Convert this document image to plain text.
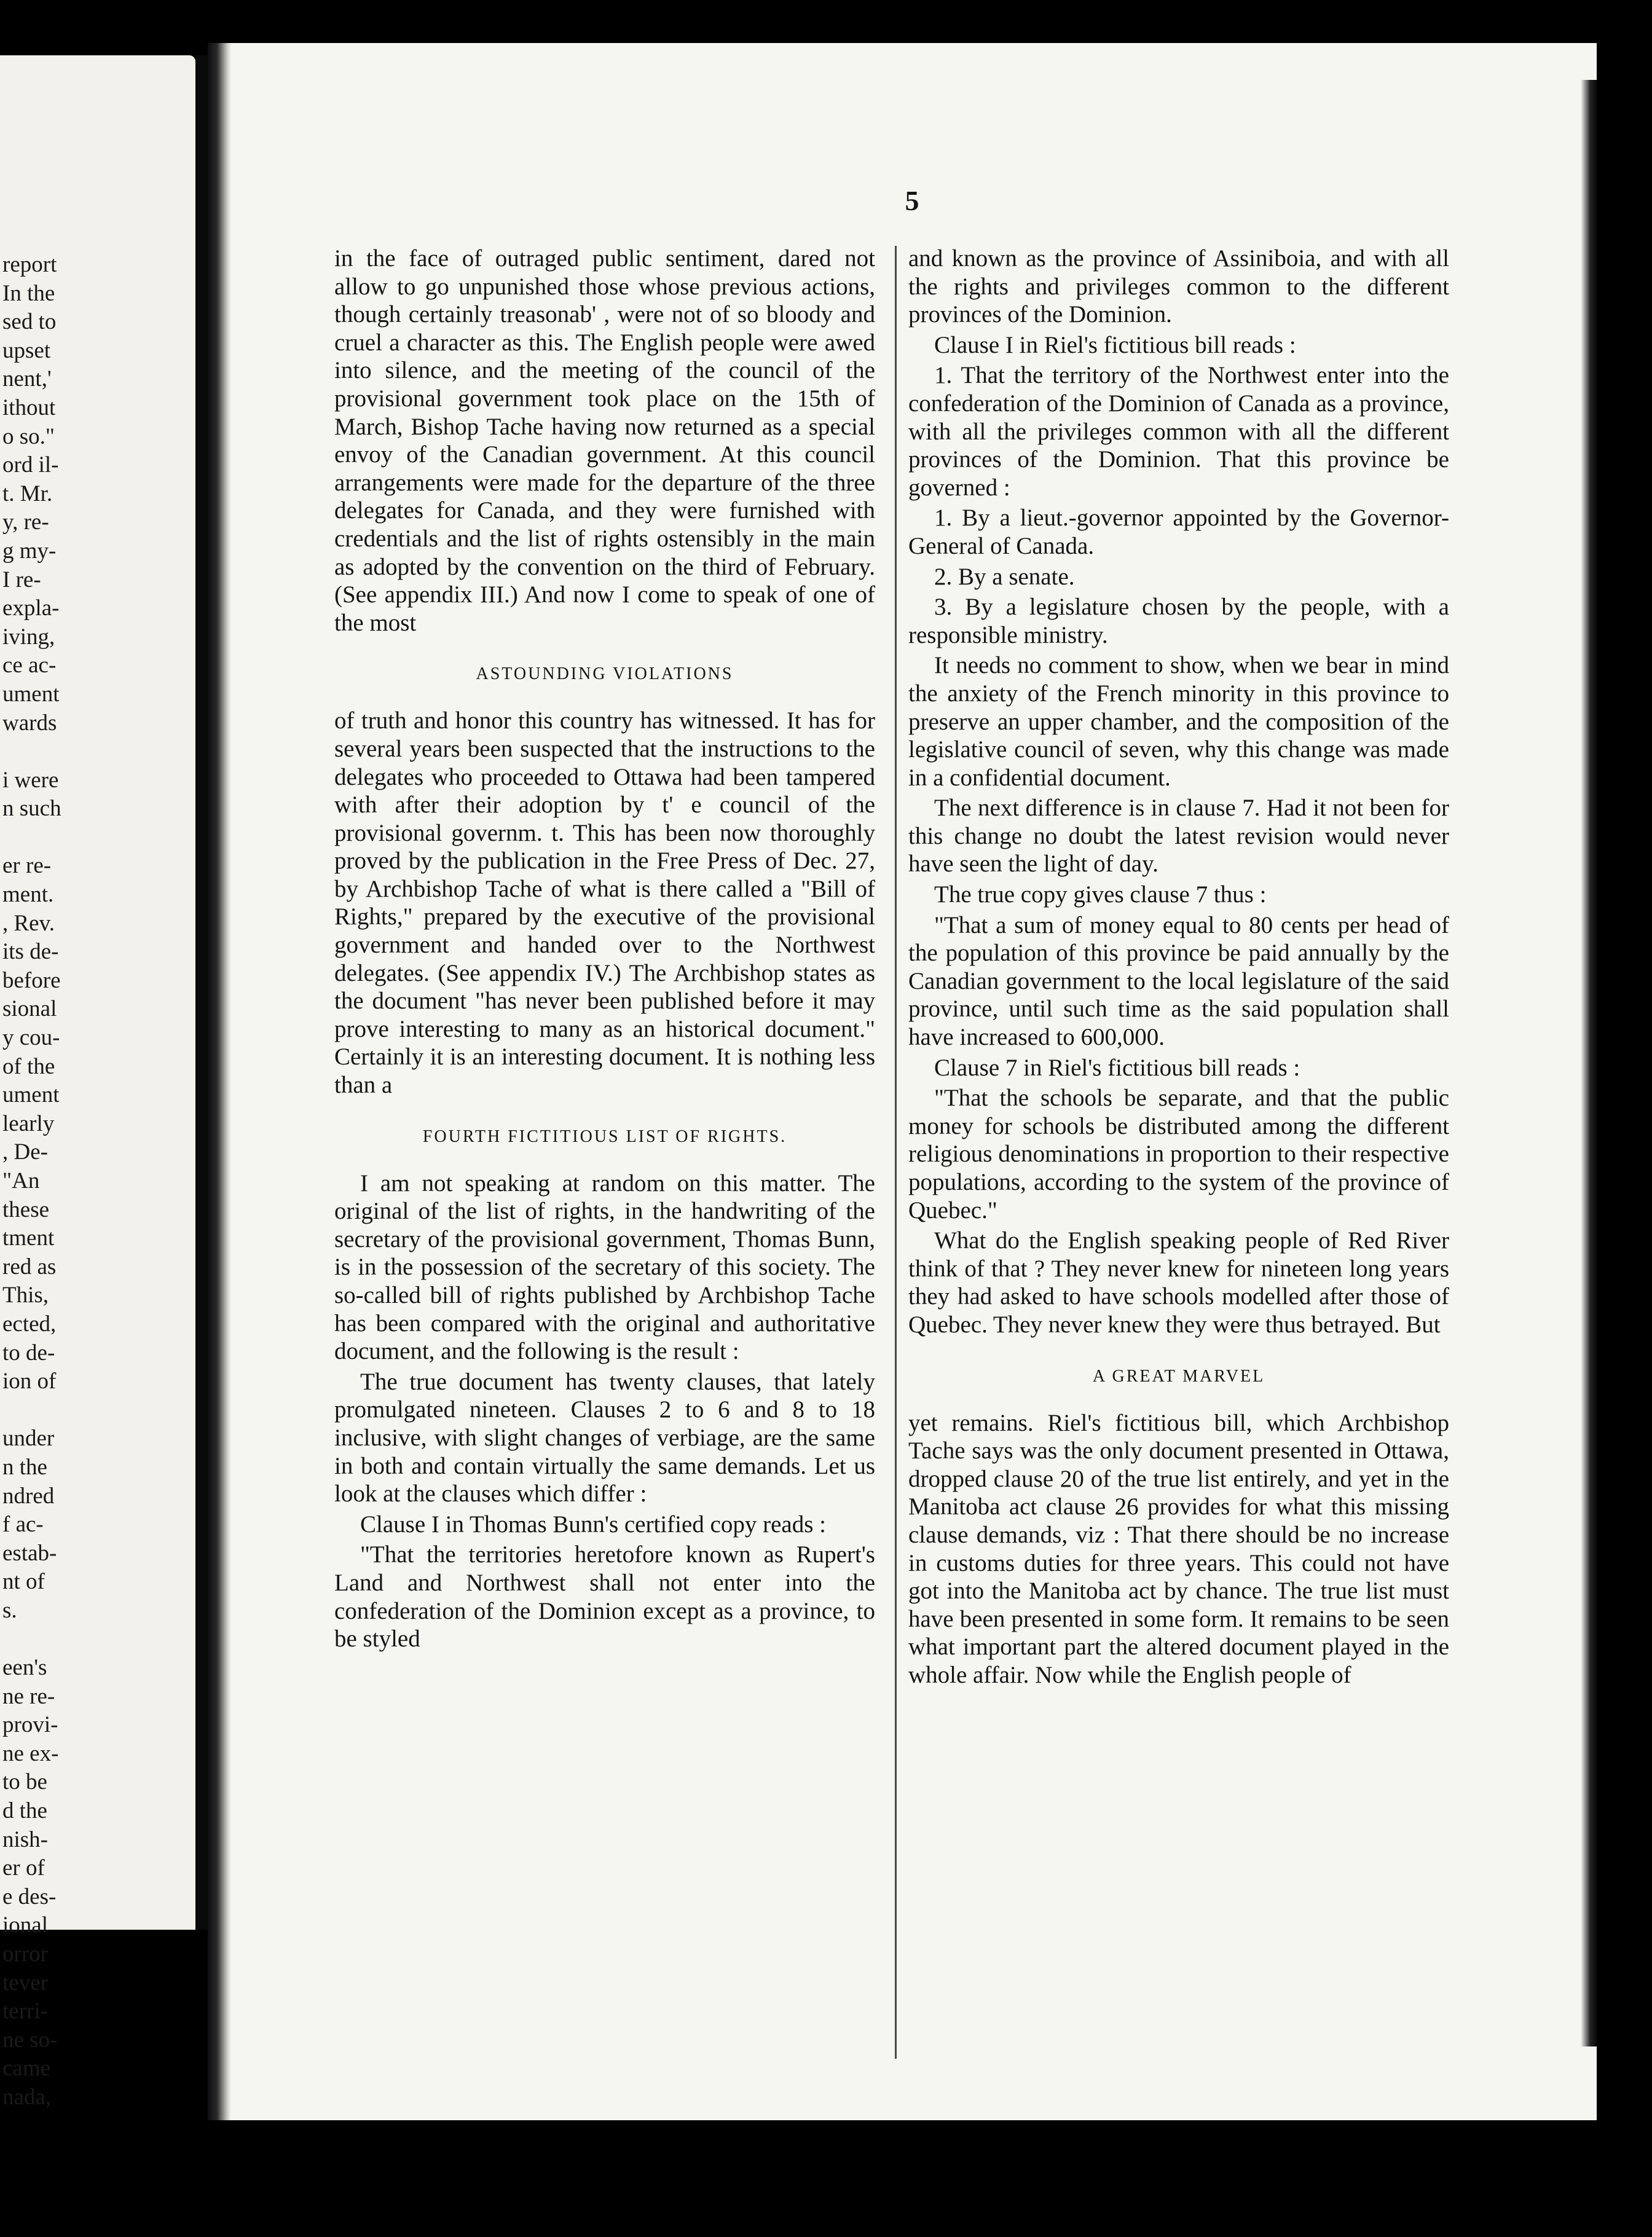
report
In the
sed to
upset
nent,'
ithout
o so."
ord il-
t. Mr.
y, re-
g my-
I re-
expla-
iving,
ce ac-
ument
wards

i were
n such

er re-
ment.
, Rev.
its de-
before
sional
y cou-
of the
ument
learly
, De-
"An
these
tment
red as
This,
ected,
to de-
ion of

under
n the
ndred
f ac-
estab-
nt of
s.

een's
ne re-
provi-
ne ex-
to be
d the
nish-
er of
e des-
ional
orror
tever
terri-
ne so-
came
nada,
5

in the face of outraged public sentiment, dared not allow to go unpunished those whose previous actions, though certainly treasonab' , were not of so bloody and cruel a character as this. The English people were awed into silence, and the meeting of the council of the provisional government took place on the 15th of March, Bishop Tache having now returned as a special envoy of the Canadian government. At this council arrangements were made for the departure of the three delegates for Canada, and they were furnished with credentials and the list of rights ostensibly in the main as adopted by the convention on the third of February. (See appendix III.) And now I come to speak of one of the most

ASTOUNDING VIOLATIONS

of truth and honor this country has witnessed. It has for several years been suspected that the instructions to the delegates who proceeded to Ottawa had been tampered with after their adoption by t' e council of the provisional governm. t. This has been now thoroughly proved by the publication in the Free Press of Dec. 27, by Archbishop Tache of what is there called a "Bill of Rights," prepared by the executive of the provisional government and handed over to the Northwest delegates. (See appendix IV.) The Archbishop states as the document "has never been published before it may prove interesting to many as an historical document." Certainly it is an interesting document. It is nothing less than a

FOURTH FICTITIOUS LIST OF RIGHTS.

I am not speaking at random on this matter. The original of the list of rights, in the handwriting of the secretary of the provisional government, Thomas Bunn, is in the possession of the secretary of this society. The so-called bill of rights published by Archbishop Tache has been compared with the original and authoritative document, and the following is the result :

The true document has twenty clauses, that lately promulgated nineteen. Clauses 2 to 6 and 8 to 18 inclusive, with slight changes of verbiage, are the same in both and contain virtually the same demands. Let us look at the clauses which differ :

Clause I in Thomas Bunn's certified copy reads :

"That the territories heretofore known as Rupert's Land and Northwest shall not enter into the confederation of the Dominion except as a province, to be styled

and known as the province of Assiniboia, and with all the rights and privileges common to the different provinces of the Dominion.

Clause I in Riel's fictitious bill reads :

1. That the territory of the Northwest enter into the confederation of the Dominion of Canada as a province, with all the privileges common with all the different provinces of the Dominion. That this province be governed :

1. By a lieut.-governor appointed by the Governor-General of Canada.

2. By a senate.

3. By a legislature chosen by the people, with a responsible ministry.

It needs no comment to show, when we bear in mind the anxiety of the French minority in this province to preserve an upper chamber, and the composition of the legislative council of seven, why this change was made in a confidential document.

The next difference is in clause 7. Had it not been for this change no doubt the latest revision would never have seen the light of day.

The true copy gives clause 7 thus :

"That a sum of money equal to 80 cents per head of the population of this province be paid annually by the Canadian government to the local legislature of the said province, until such time as the said population shall have increased to 600,000.

Clause 7 in Riel's fictitious bill reads :

"That the schools be separate, and that the public money for schools be distributed among the different religious denominations in proportion to their respective populations, according to the system of the province of Quebec."

What do the English speaking people of Red River think of that ? They never knew for nineteen long years they had asked to have schools modelled after those of Quebec. They never knew they were thus betrayed. But

A GREAT MARVEL

yet remains. Riel's fictitious bill, which Archbishop Tache says was the only document presented in Ottawa, dropped clause 20 of the true list entirely, and yet in the Manitoba act clause 26 provides for what this missing clause demands, viz : That there should be no increase in customs duties for three years. This could not have got into the Manitoba act by chance. The true list must have been presented in some form. It remains to be seen what important part the altered document played in the whole affair. Now while the English people of
